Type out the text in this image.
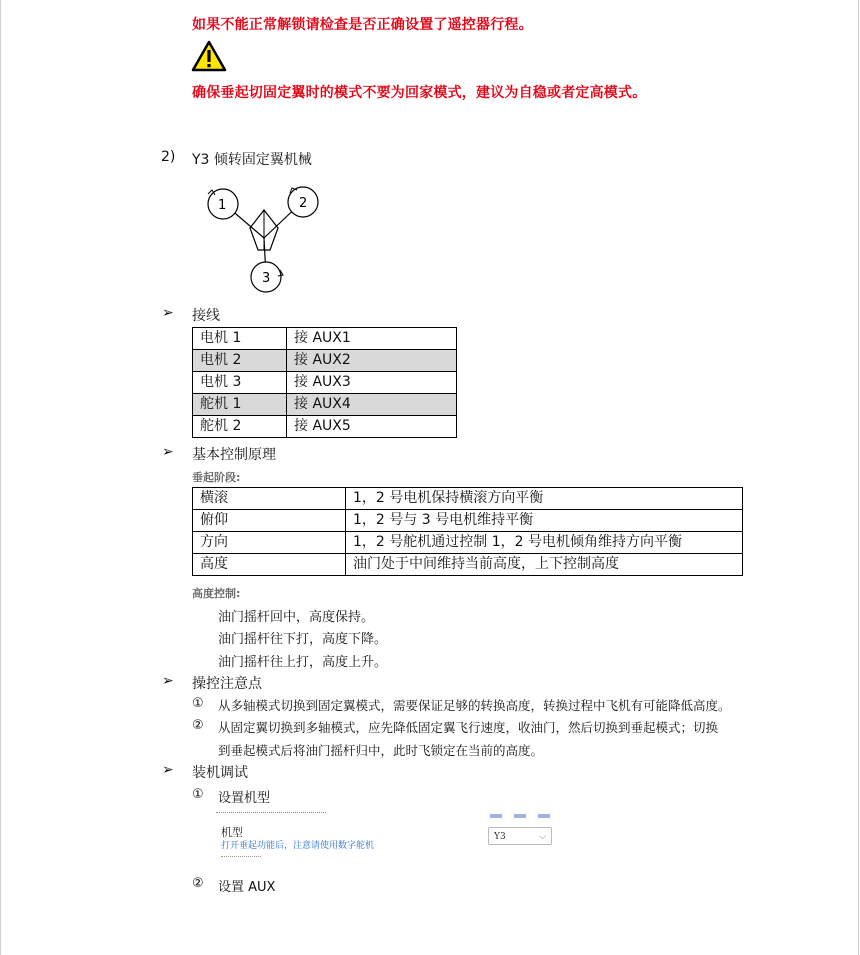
如果不能正常解锁请检查是否正确设置了遥控器行程。
确保垂起切固定翼时的模式不要为回家模式，建议为自稳或者定高模式。
2) Y3 倾转固定翼机械
1	2
3
➢ 接线
电机 1	接 AUX1
电机 2	接 AUX2
电机 3	接 AUX3
舵机 1	接 AUX4
舵机 2	接 AUX5
➢ 基本控制原理
垂起阶段:
横滚	1，2 号电机保持横滚方向平衡
俯仰	1，2 号与 3 号电机维持平衡
方向	1，2 号舵机通过控制 1，2 号电机倾角维持方向平衡
高度	油门处于中间维持当前高度，上下控制高度
高度控制:
油门摇杆回中，高度保持。
油门摇杆往下打，高度下降。
油门摇杆往上打，高度上升。
➢ 操控注意点
① 从多轴模式切换到固定翼模式，需要保证足够的转换高度，转换过程中飞机有可能降低高度。
② 从固定翼切换到多轴模式，应先降低固定翼飞行速度，收油门，然后切换到垂起模式；切换
到垂起模式后将油门摇杆归中，此时飞锁定在当前的高度。
➢ 装机调试
① 设置机型
机型
打开垂起功能后，注意请使用数字舵机
Y3	⌵
② 设置 AUX
